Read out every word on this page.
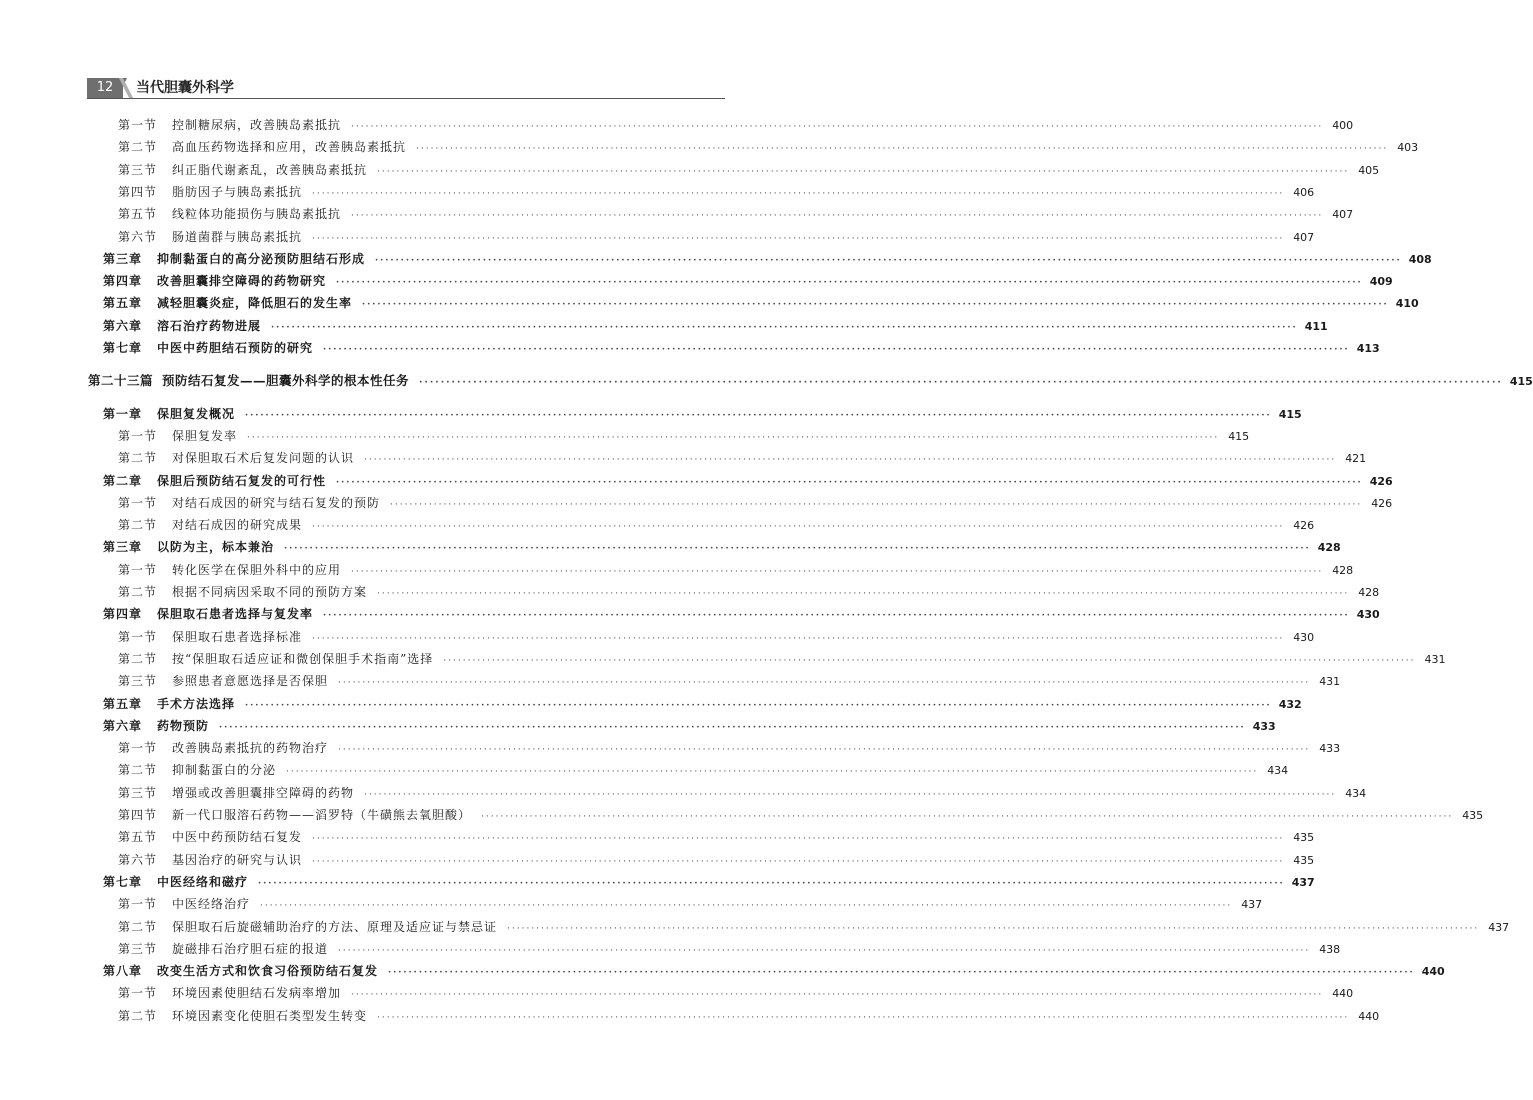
12	当代胆囊外科学
第一节	控制糖尿病，改善胰岛素抵抗 ········································································································································································································ 400
第二节	高血压药物选择和应用，改善胰岛素抵抗 ········································································································································································································ 403
第三节	纠正脂代谢紊乱，改善胰岛素抵抗 ········································································································································································································ 405
第四节	脂肪因子与胰岛素抵抗 ········································································································································································································ 406
第五节	线粒体功能损伤与胰岛素抵抗 ········································································································································································································ 407
第六节	肠道菌群与胰岛素抵抗 ········································································································································································································ 407
第三章	抑制黏蛋白的高分泌预防胆结石形成 ········································································································································································································ 408
第四章	改善胆囊排空障碍的药物研究 ········································································································································································································ 409
第五章	减轻胆囊炎症，降低胆石的发生率 ········································································································································································································ 410
第六章	溶石治疗药物进展 ········································································································································································································ 411
第七章	中医中药胆结石预防的研究 ········································································································································································································ 413
第二十三篇 预防结石复发——胆囊外科学的根本性任务 ········································································································································································································ 415
第一章	保胆复发概况 ········································································································································································································ 415
第一节	保胆复发率 ········································································································································································································ 415
第二节	对保胆取石术后复发问题的认识 ········································································································································································································ 421
第二章	保胆后预防结石复发的可行性 ········································································································································································································ 426
第一节	对结石成因的研究与结石复发的预防 ········································································································································································································ 426
第二节	对结石成因的研究成果 ········································································································································································································ 426
第三章	以防为主，标本兼治 ········································································································································································································ 428
第一节	转化医学在保胆外科中的应用 ········································································································································································································ 428
第二节	根据不同病因采取不同的预防方案 ········································································································································································································ 428
第四章	保胆取石患者选择与复发率 ········································································································································································································ 430
第一节	保胆取石患者选择标准 ········································································································································································································ 430
第二节	按“保胆取石适应证和微创保胆手术指南”选择 ········································································································································································································ 431
第三节	参照患者意愿选择是否保胆 ········································································································································································································ 431
第五章	手术方法选择 ········································································································································································································ 432
第六章	药物预防 ········································································································································································································ 433
第一节	改善胰岛素抵抗的药物治疗 ········································································································································································································ 433
第二节	抑制黏蛋白的分泌 ········································································································································································································ 434
第三节	增强或改善胆囊排空障碍的药物 ········································································································································································································ 434
第四节	新一代口服溶石药物——滔罗特（牛磺熊去氧胆酸） ········································································································································································································ 435
第五节	中医中药预防结石复发 ········································································································································································································ 435
第六节	基因治疗的研究与认识 ········································································································································································································ 435
第七章	中医经络和磁疗 ········································································································································································································ 437
第一节	中医经络治疗 ········································································································································································································ 437
第二节	保胆取石后旋磁辅助治疗的方法、原理及适应证与禁忌证 ········································································································································································································ 437
第三节	旋磁排石治疗胆石症的报道 ········································································································································································································ 438
第八章	改变生活方式和饮食习俗预防结石复发 ········································································································································································································ 440
第一节	环境因素使胆结石发病率增加 ········································································································································································································ 440
第二节	环境因素变化使胆石类型发生转变 ········································································································································································································ 440
